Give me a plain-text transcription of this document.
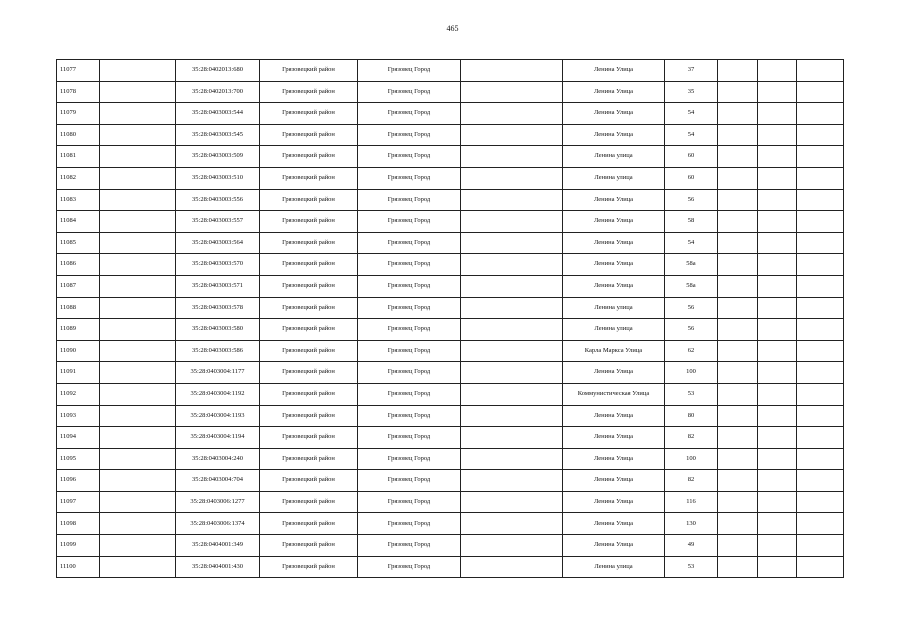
465
11077		35:28:0402013:680	Грязовецкий район	Грязовец Город		Ленина Улица	37			
11078		35:28:0402013:700	Грязовецкий район	Грязовец Город		Ленина Улица	35			
11079		35:28:0403003:544	Грязовецкий район	Грязовец Город		Ленина Улица	54			
11080		35:28:0403003:545	Грязовецкий район	Грязовец Город		Ленина Улица	54			
11081		35:28:0403003:509	Грязовецкий район	Грязовец Город		Ленина улица	60			
11082		35:28:0403003:510	Грязовецкий район	Грязовец Город		Ленина улица	60			
11083		35:28:0403003:556	Грязовецкий район	Грязовец Город		Ленина Улица	56			
11084		35:28:0403003:557	Грязовецкий район	Грязовец Город		Ленина Улица	58			
11085		35:28:0403003:564	Грязовецкий район	Грязовец Город		Ленина Улица	54			
11086		35:28:0403003:570	Грязовецкий район	Грязовец Город		Ленина Улица	58а			
11087		35:28:0403003:571	Грязовецкий район	Грязовец Город		Ленина Улица	58а			
11088		35:28:0403003:578	Грязовецкий район	Грязовец Город		Ленина улица	56			
11089		35:28:0403003:580	Грязовецкий район	Грязовец Город		Ленина улица	56			
11090		35:28:0403003:586	Грязовецкий район	Грязовец Город		Карла Маркса Улица	62			
11091		35:28:0403004:1177	Грязовецкий район	Грязовец Город		Ленина Улица	100			
11092		35:28:0403004:1192	Грязовецкий район	Грязовец Город		Коммунистическая Улица	53			
11093		35:28:0403004:1193	Грязовецкий район	Грязовец Город		Ленина Улица	80			
11094		35:28:0403004:1194	Грязовецкий район	Грязовец Город		Ленина Улица	82			
11095		35:28:0403004:240	Грязовецкий район	Грязовец Город		Ленина Улица	100			
11096		35:28:0403004:704	Грязовецкий район	Грязовец Город		Ленина Улица	82			
11097		35:28:0403006:1277	Грязовецкий район	Грязовец Город		Ленина Улица	116			
11098		35:28:0403006:1374	Грязовецкий район	Грязовец Город		Ленина Улица	130			
11099		35:28:0404001:349	Грязовецкий район	Грязовец Город		Ленина Улица	49			
11100		35:28:0404001:430	Грязовецкий район	Грязовец Город		Ленина улица	53			
